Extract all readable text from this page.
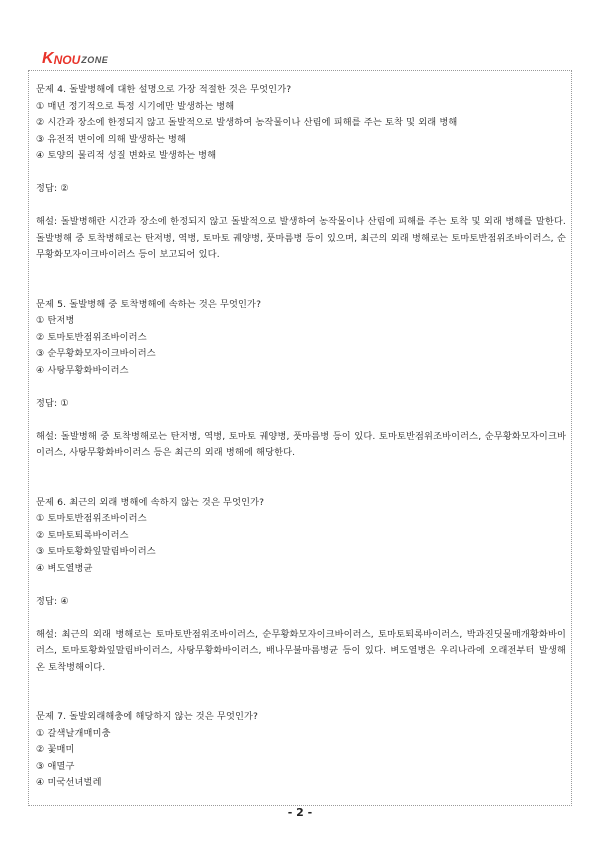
K NOU ZONE
문제 4. 돌발병해에 대한 설명으로 가장 적절한 것은 무엇인가?
① 매년 정기적으로 특정 시기에만 발생하는 병해
② 시간과 장소에 한정되지 않고 돌발적으로 발생하여 농작물이나 산림에 피해를 주는 토착 및 외래 병해
③ 유전적 변이에 의해 발생하는 병해
④ 토양의 물리적 성질 변화로 발생하는 병해
정답: ②
해설: 돌발병해란 시간과 장소에 한정되지 않고 돌발적으로 발생하여 농작물이나 산림에 피해를 주는 토착 및 외래 병해를 말한다. 돌발병해 중 토착병해로는 탄저병, 역병, 토마토 궤양병, 풋마름병 등이 있으며, 최근의 외래 병해로는 토마토반점위조바이러스, 순무황화모자이크바이러스 등이 보고되어 있다.
문제 5. 돌발병해 중 토착병해에 속하는 것은 무엇인가?
① 탄저병
② 토마토반점위조바이러스
③ 순무황화모자이크바이러스
④ 사탕무황화바이러스
정답: ①
해설: 돌발병해 중 토착병해로는 탄저병, 역병, 토마토 궤양병, 풋마름병 등이 있다. 토마토반점위조바이러스, 순무황화모자이크바이러스, 사탕무황화바이러스 등은 최근의 외래 병해에 해당한다.
문제 6. 최근의 외래 병해에 속하지 않는 것은 무엇인가?
① 토마토반점위조바이러스
② 토마토퇴록바이러스
③ 토마토황화잎말림바이러스
④ 벼도열병균
정답: ④
해설: 최근의 외래 병해로는 토마토반점위조바이러스, 순무황화모자이크바이러스, 토마토퇴록바이러스, 박과진딧물매개황화바이러스, 토마토황화잎말림바이러스, 사탕무황화바이러스, 배나무불마름병균 등이 있다. 벼도열병은 우리나라에 오래전부터 발생해 온 토착병해이다.
문제 7. 돌발외래해충에 해당하지 않는 것은 무엇인가?
① 갈색날개매미충
② 꽃매미
③ 애멸구
④ 미국선녀벌레
- 2 -
